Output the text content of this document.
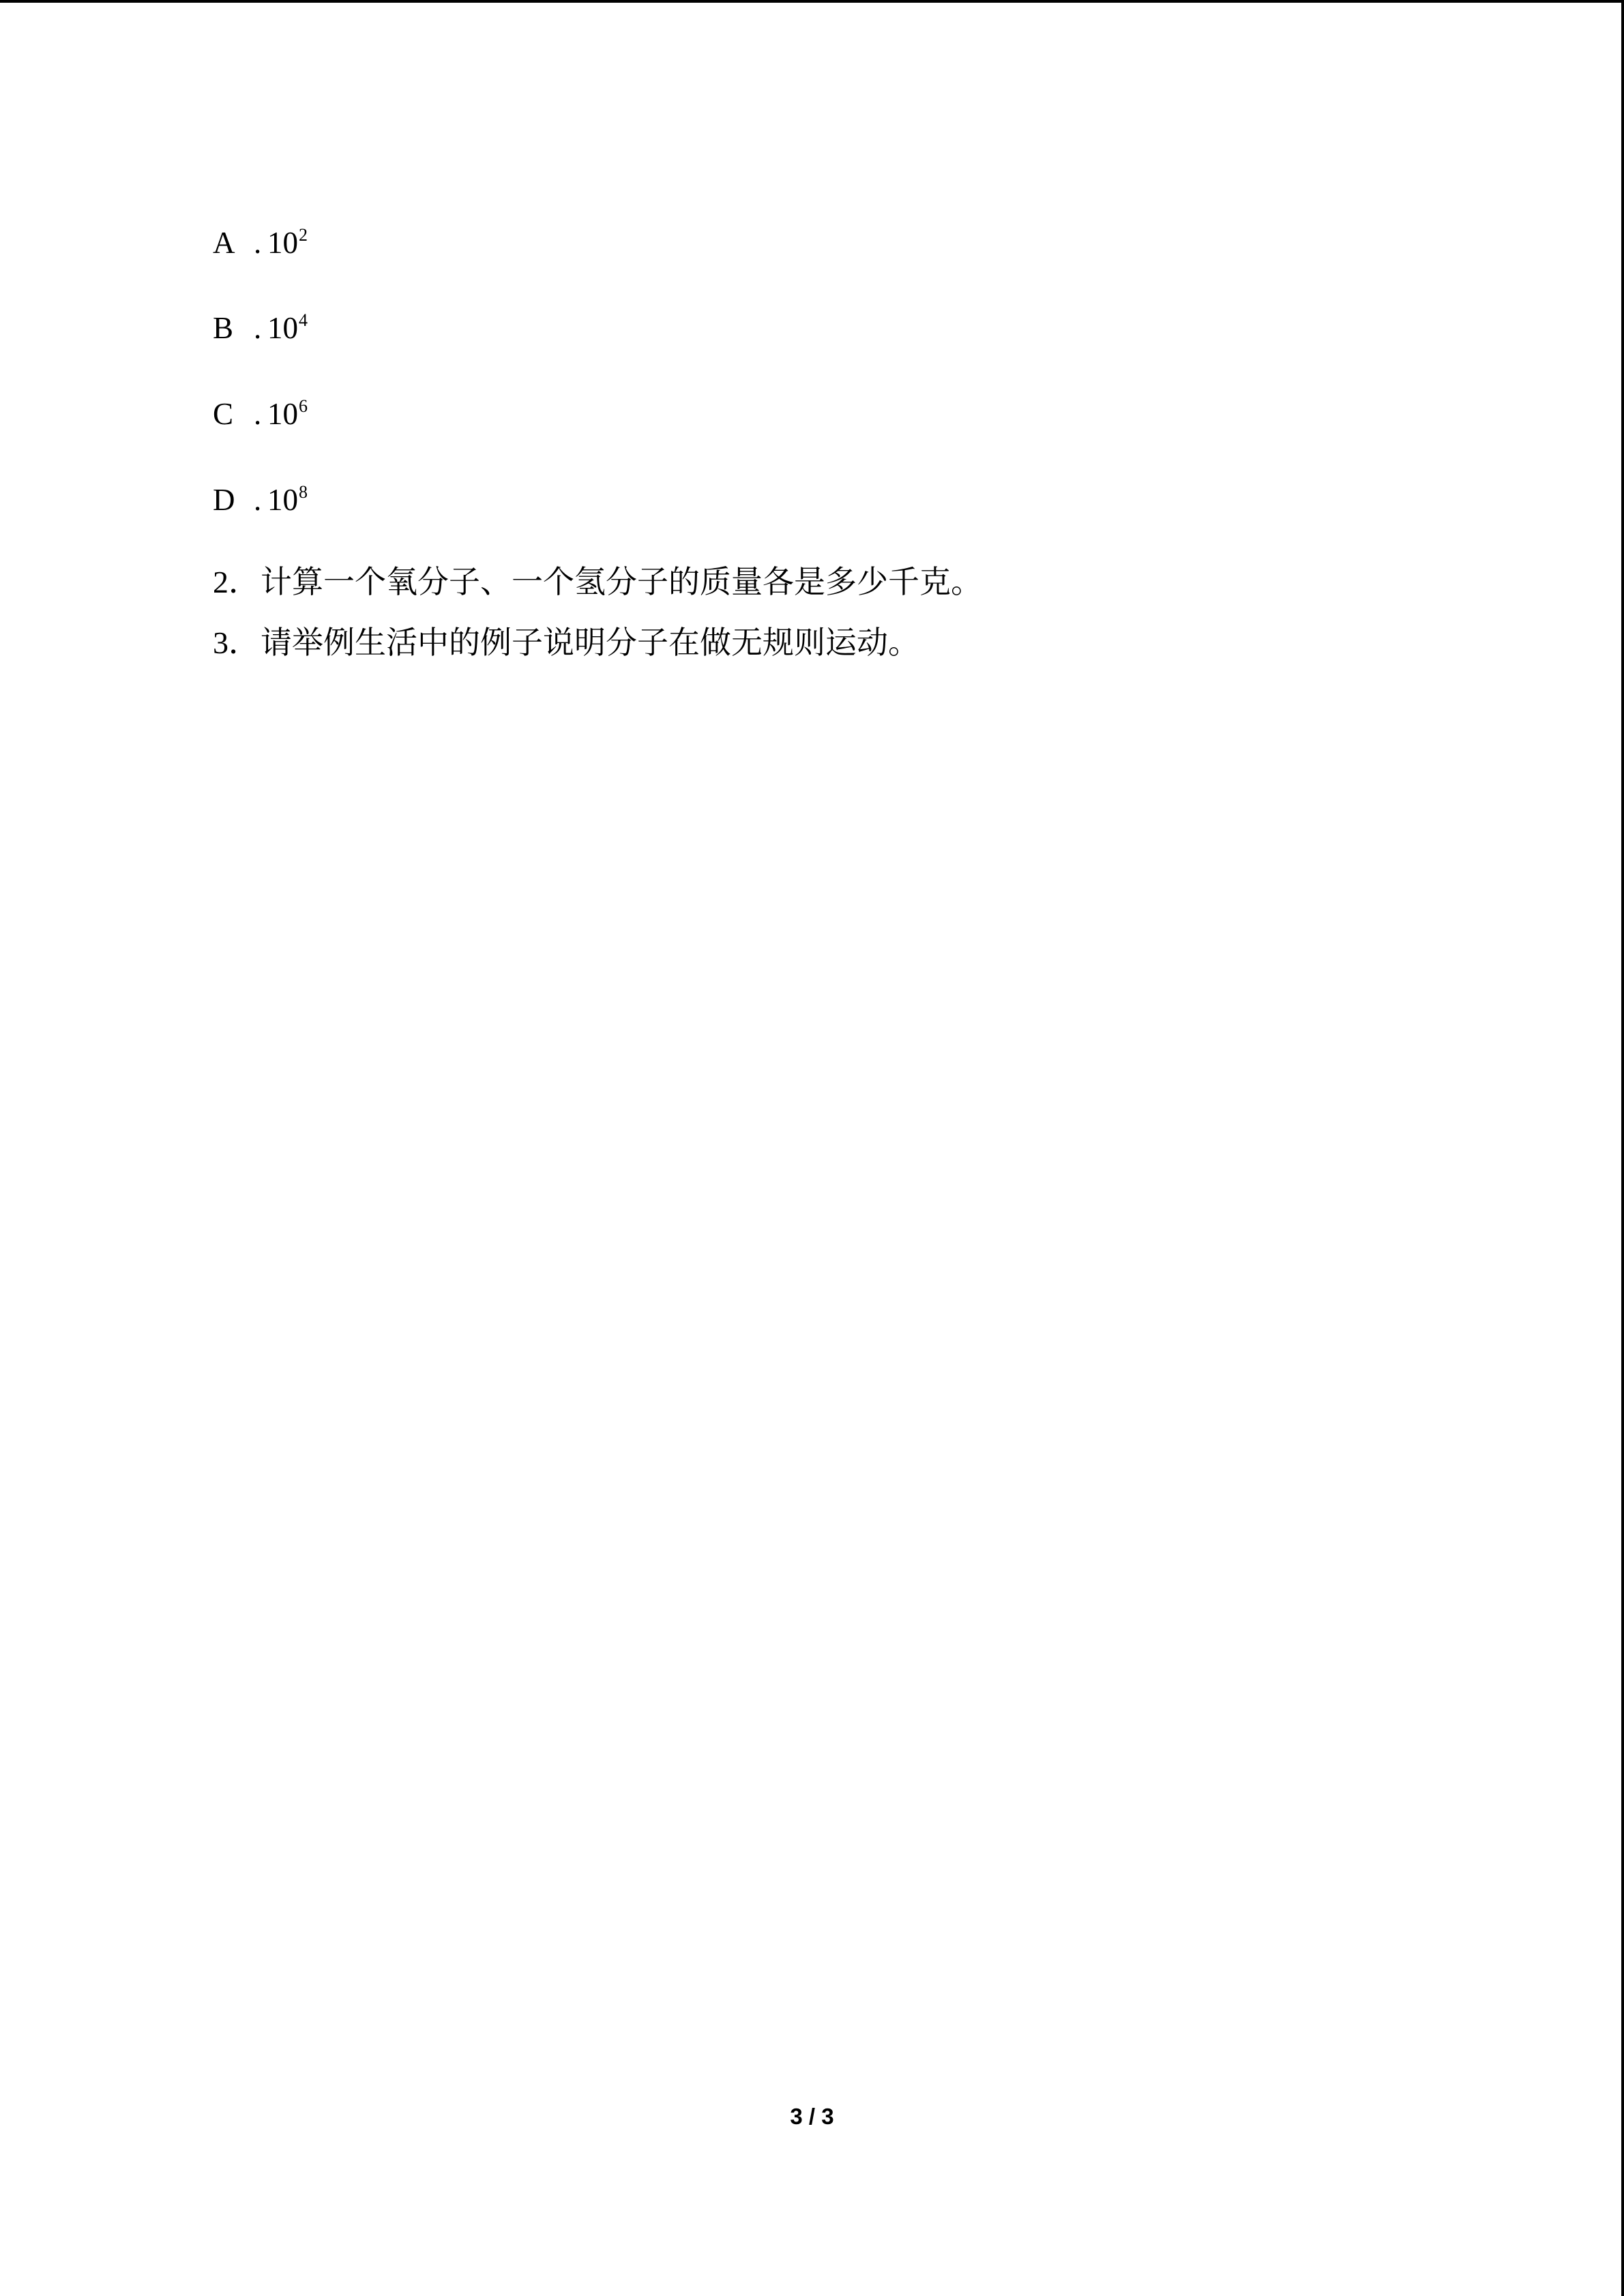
A . $10^2$
B . $10^4$
C . $10^6$
D . $10^8$
2．计算一个氧分子、一个氢分子的质量各是多少千克。
3．请举例生活中的例子说明分子在做无规则运动。
3 / 3
